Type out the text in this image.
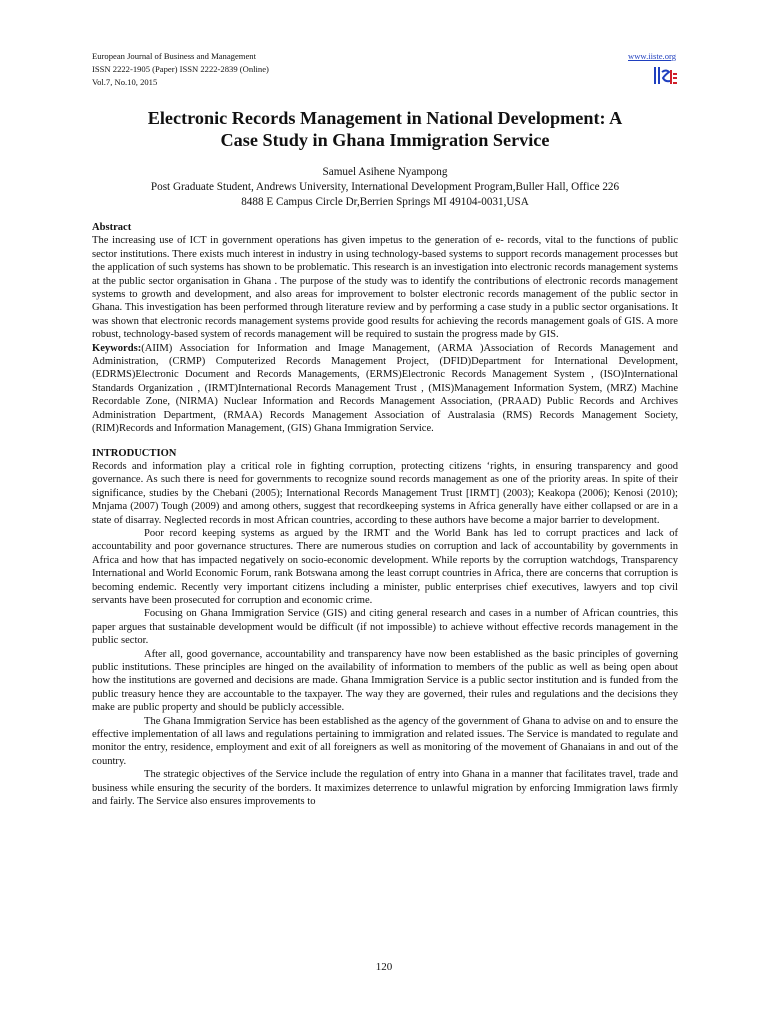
European Journal of Business and Management
ISSN 2222-1905 (Paper) ISSN 2222-2839 (Online)
Vol.7, No.10, 2015
www.iiste.org
Electronic Records Management in National Development: A
Case Study in Ghana Immigration Service
Samuel Asihene Nyampong
Post Graduate Student, Andrews University, International Development Program,Buller Hall, Office 226
8488 E Campus Circle Dr,Berrien Springs MI 49104-0031,USA

Abstract

The increasing use of ICT in government operations has given impetus to the generation of e- records, vital to the functions of public sector institutions. There exists much interest in industry in using technology-based systems to support records management processes but the application of such systems has shown to be problematic. This research is an investigation into electronic records management systems at the public sector organisation in Ghana . The purpose of the study was to identify the contributions of electronic records management systems to growth and development, and also areas for improvement to bolster electronic records management of the public sector in Ghana. This investigation has been performed through literature review and by performing a case study in a public sector organisations. It was shown that electronic records management systems provide good results for achieving the records management goals of GIS. A more robust, technology-based system of records management will be required to sustain the progress made by GIS.

Keywords:(AIIM) Association for Information and Image Management, (ARMA )Association of Records Management and Administration, (CRMP) Computerized Records Management Project, (DFID)Department for International Development, (EDRMS)Electronic Document and Records Managements, (ERMS)Electronic Records Management System , (ISO)International Standards Organization , (IRMT)International Records Management Trust , (MIS)Management Information System, (MRZ) Machine Recordable Zone, (NIRMA) Nuclear Information and Records Management Association, (PRAAD) Public Records and Archives Administration Department, (RMAA) Records Management Association of Australasia (RMS) Records Management Society, (RIM)Records and Information Management, (GIS) Ghana Immigration Service.

INTRODUCTION

Records and information play a critical role in fighting corruption, protecting citizens ‘rights, in ensuring transparency and good governance. As such there is need for governments to recognize sound records management as one of the priority areas. In spite of their significance, studies by the Chebani (2005); International Records Management Trust [IRMT] (2003); Keakopa (2006); Kenosi (2010); Mnjama (2007) Tough (2009) and among others, suggest that recordkeeping systems in Africa generally have either collapsed or are in a state of disarray. Neglected records in most African countries, according to these authors have become a major barrier to development.

Poor record keeping systems as argued by the IRMT and the World Bank has led to corrupt practices and lack of accountability and poor governance structures. There are numerous studies on corruption and lack of accountability by governments in Africa and how that has impacted negatively on socio-economic development. While reports by the corruption watchdogs, Transparency International and World Economic Forum, rank Botswana among the least corrupt countries in Africa, there are concerns that corruption is becoming endemic. Recently very important citizens including a minister, public enterprises chief executives, lawyers and top civil servants have been prosecuted for corruption and economic crime.

Focusing on Ghana Immigration Service (GIS) and citing general research and cases in a number of African countries, this paper argues that sustainable development would be difficult (if not impossible) to achieve without effective records management in the public sector.

After all, good governance, accountability and transparency have now been established as the basic principles of governing public institutions. These principles are hinged on the availability of information to members of the public as well as being open about how the institutions are governed and decisions are made. Ghana Immigration Service is a public sector institution and is funded from the public treasury hence they are accountable to the taxpayer. The way they are governed, their rules and regulations and the decisions they make are public property and should be publicly accessible.

The Ghana Immigration Service has been established as the agency of the government of Ghana to advise on and to ensure the effective implementation of all laws and regulations pertaining to immigration and related issues. The Service is mandated to regulate and monitor the entry, residence, employment and exit of all foreigners as well as monitoring of the movement of Ghanaians in and out of the country.

The strategic objectives of the Service include the regulation of entry into Ghana in a manner that facilitates travel, trade and business while ensuring the security of the borders. It maximizes deterrence to unlawful migration by enforcing Immigration laws firmly and fairly. The Service also ensures improvements to

120
